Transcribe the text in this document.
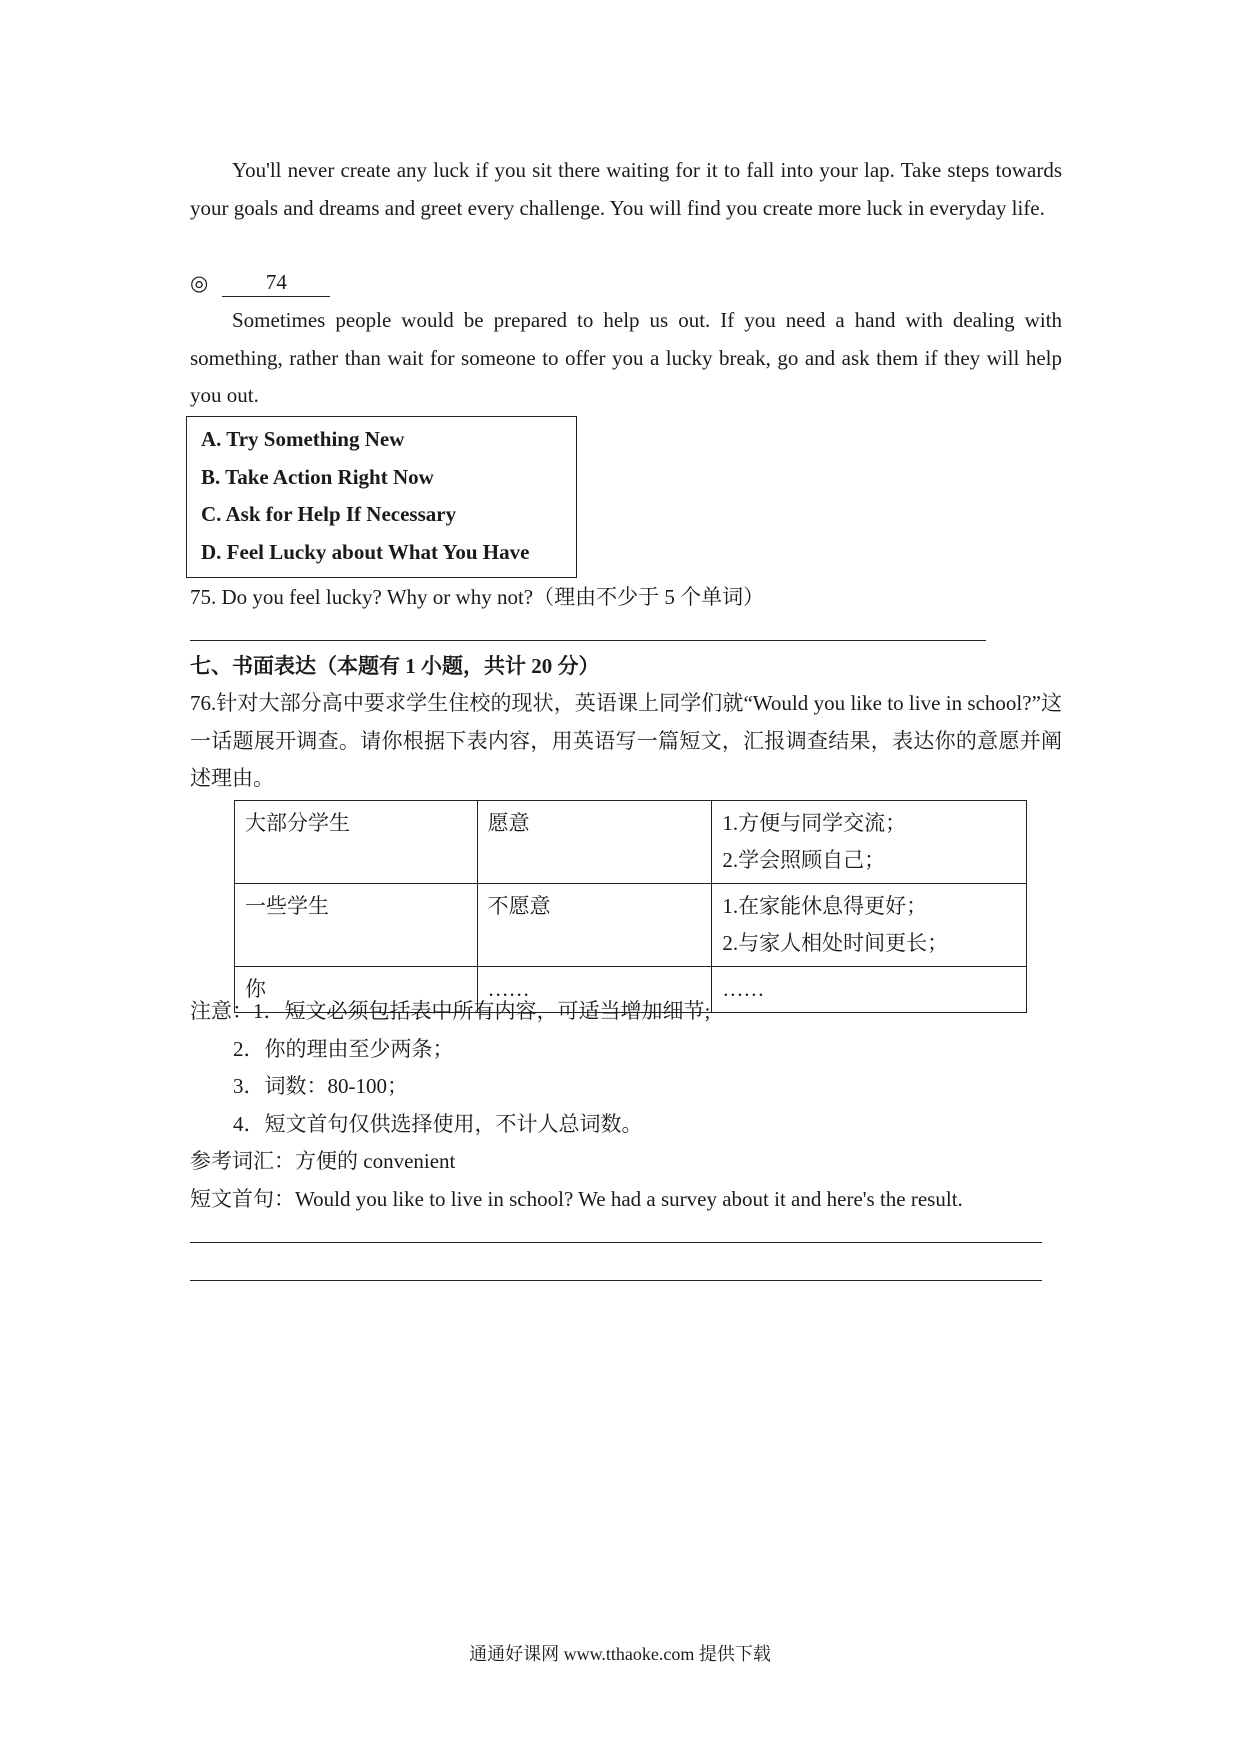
You'll never create any luck if you sit there waiting for it to fall into your lap. Take steps towards your goals and dreams and greet every challenge. You will find you create more luck in everyday life.
◎	74
Sometimes people would be prepared to help us out. If you need a hand with dealing with something, rather than wait for someone to offer you a lucky break, go and ask them if they will help you out.
A. Try Something New
B. Take Action Right Now
C. Ask for Help If Necessary
D. Feel Lucky about What You Have
75. Do you feel lucky? Why or why not?（理由不少于 5 个单词）
七、书面表达（本题有 1 小题，共计 20 分）
76.针对大部分高中要求学生住校的现状，英语课上同学们就“Would you like to live in school?”这一话题展开调查。请你根据下表内容，用英语写一篇短文，汇报调查结果，表达你的意愿并阐述理由。
大部分学生	愿意	1.方便与同学交流；
2.学会照顾自己；

一些学生	不愿意	1.在家能休息得更好；
2.与家人相处时间更长；

你	……	……
注意：1．短文必须包括表中所有内容，可适当增加细节;
2．你的理由至少两条；
3．词数：80-100；
4．短文首句仅供选择使用，不计人总词数。
参考词汇：方便的 convenient
短文首句：Would you like to live in school? We had a survey about it and here's the result.
通通好课网 www.tthaoke.com 提供下载
